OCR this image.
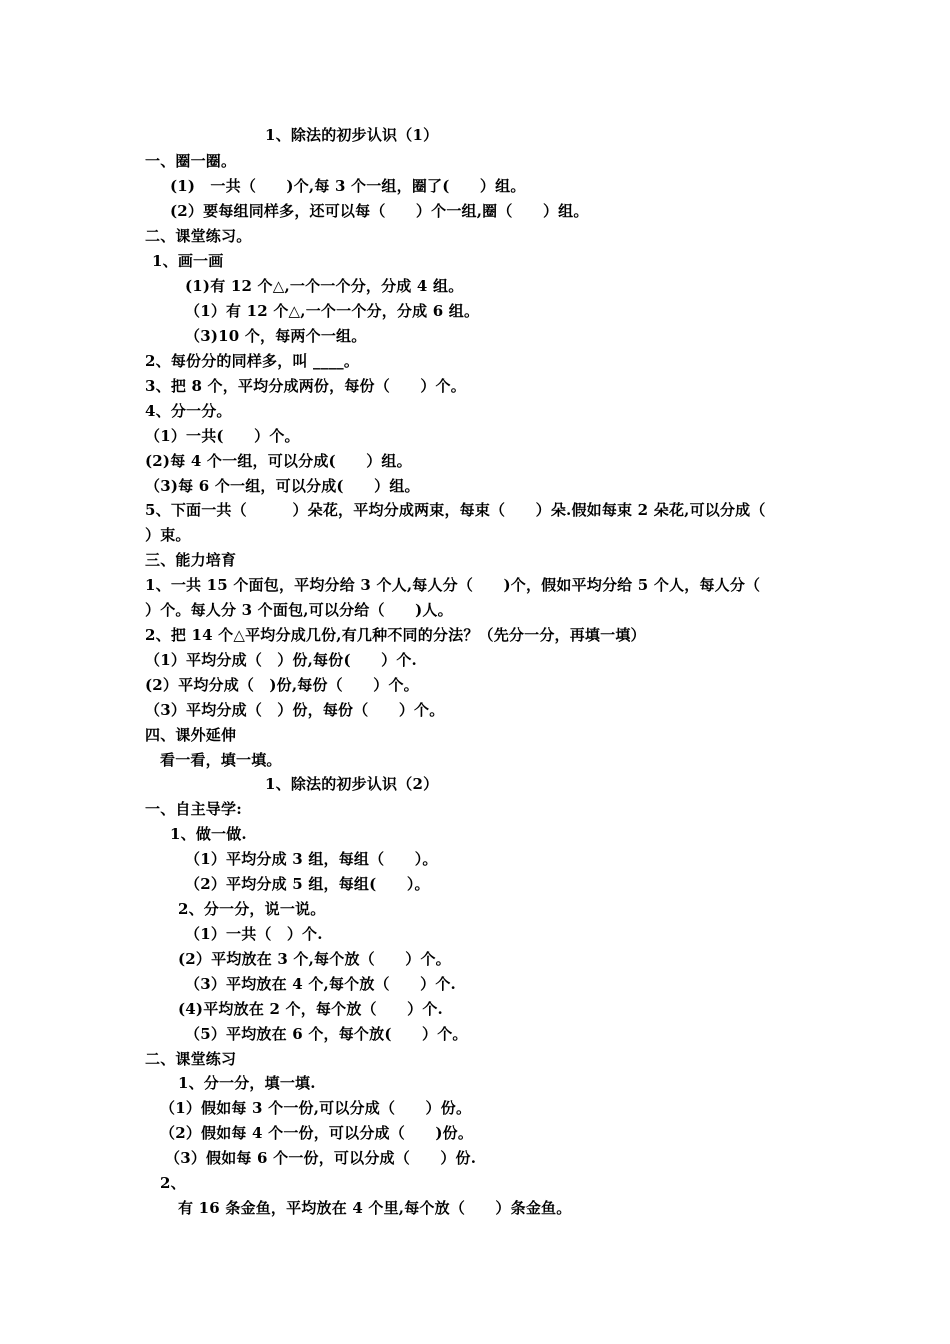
1、除法的初步认识（1）
一、圈一圈。
(1)　一共（　　)个,每 3 个一组，圈了(　　）组。
(2）要每组同样多，还可以每（　　）个一组,圈（　　）组。
二、课堂练习。
1、画一画
(1)有 12 个△,一个一个分，分成 4 组。
（1）有 12 个△,一个一个分，分成 6 组。
（3)10 个，每两个一组。
2、每份分的同样多，叫 ____。
3、把 8 个，平均分成两份，每份（　　）个。
4、分一分。
（1）一共(　　）个。
(2)每 4 个一组，可以分成(　　）组。
（3)每 6 个一组，可以分成(　　）组。
5、下面一共（　　　）朵花，平均分成两束，每束（　　）朵.假如每束 2 朵花,可以分成（
）束。
三、能力培育
1、一共 15 个面包，平均分给 3 个人,每人分（　　)个，假如平均分给 5 个人，每人分（
）个。每人分 3 个面包,可以分给（　　)人。
2、把 14 个△平均分成几份,有几种不同的分法？（先分一分，再填一填）
（1）平均分成（　）份,每份(　　）个.
(2）平均分成（　)份,每份（　　）个。
（3）平均分成（　）份，每份（　　）个。
四、课外延伸
看一看，填一填。
1、除法的初步认识（2）
一、自主导学:
1、做一做.
（1）平均分成 3 组，每组（　　）。
（2）平均分成 5 组，每组(　　）。
2、分一分，说一说。
（1）一共（　）个.
(2）平均放在 3 个,每个放（　　）个。
（3）平均放在 4 个,每个放（　　）个.
(4)平均放在 2 个，每个放（　　）个.
（5）平均放在 6 个，每个放(　　）个。
二、课堂练习
1、分一分，填一填.
（1）假如每 3 个一份,可以分成（　　）份。
（2）假如每 4 个一份，可以分成（　　)份。
（3）假如每 6 个一份，可以分成（　　）份.
2、
有 16 条金鱼，平均放在 4 个里,每个放（　　）条金鱼。
